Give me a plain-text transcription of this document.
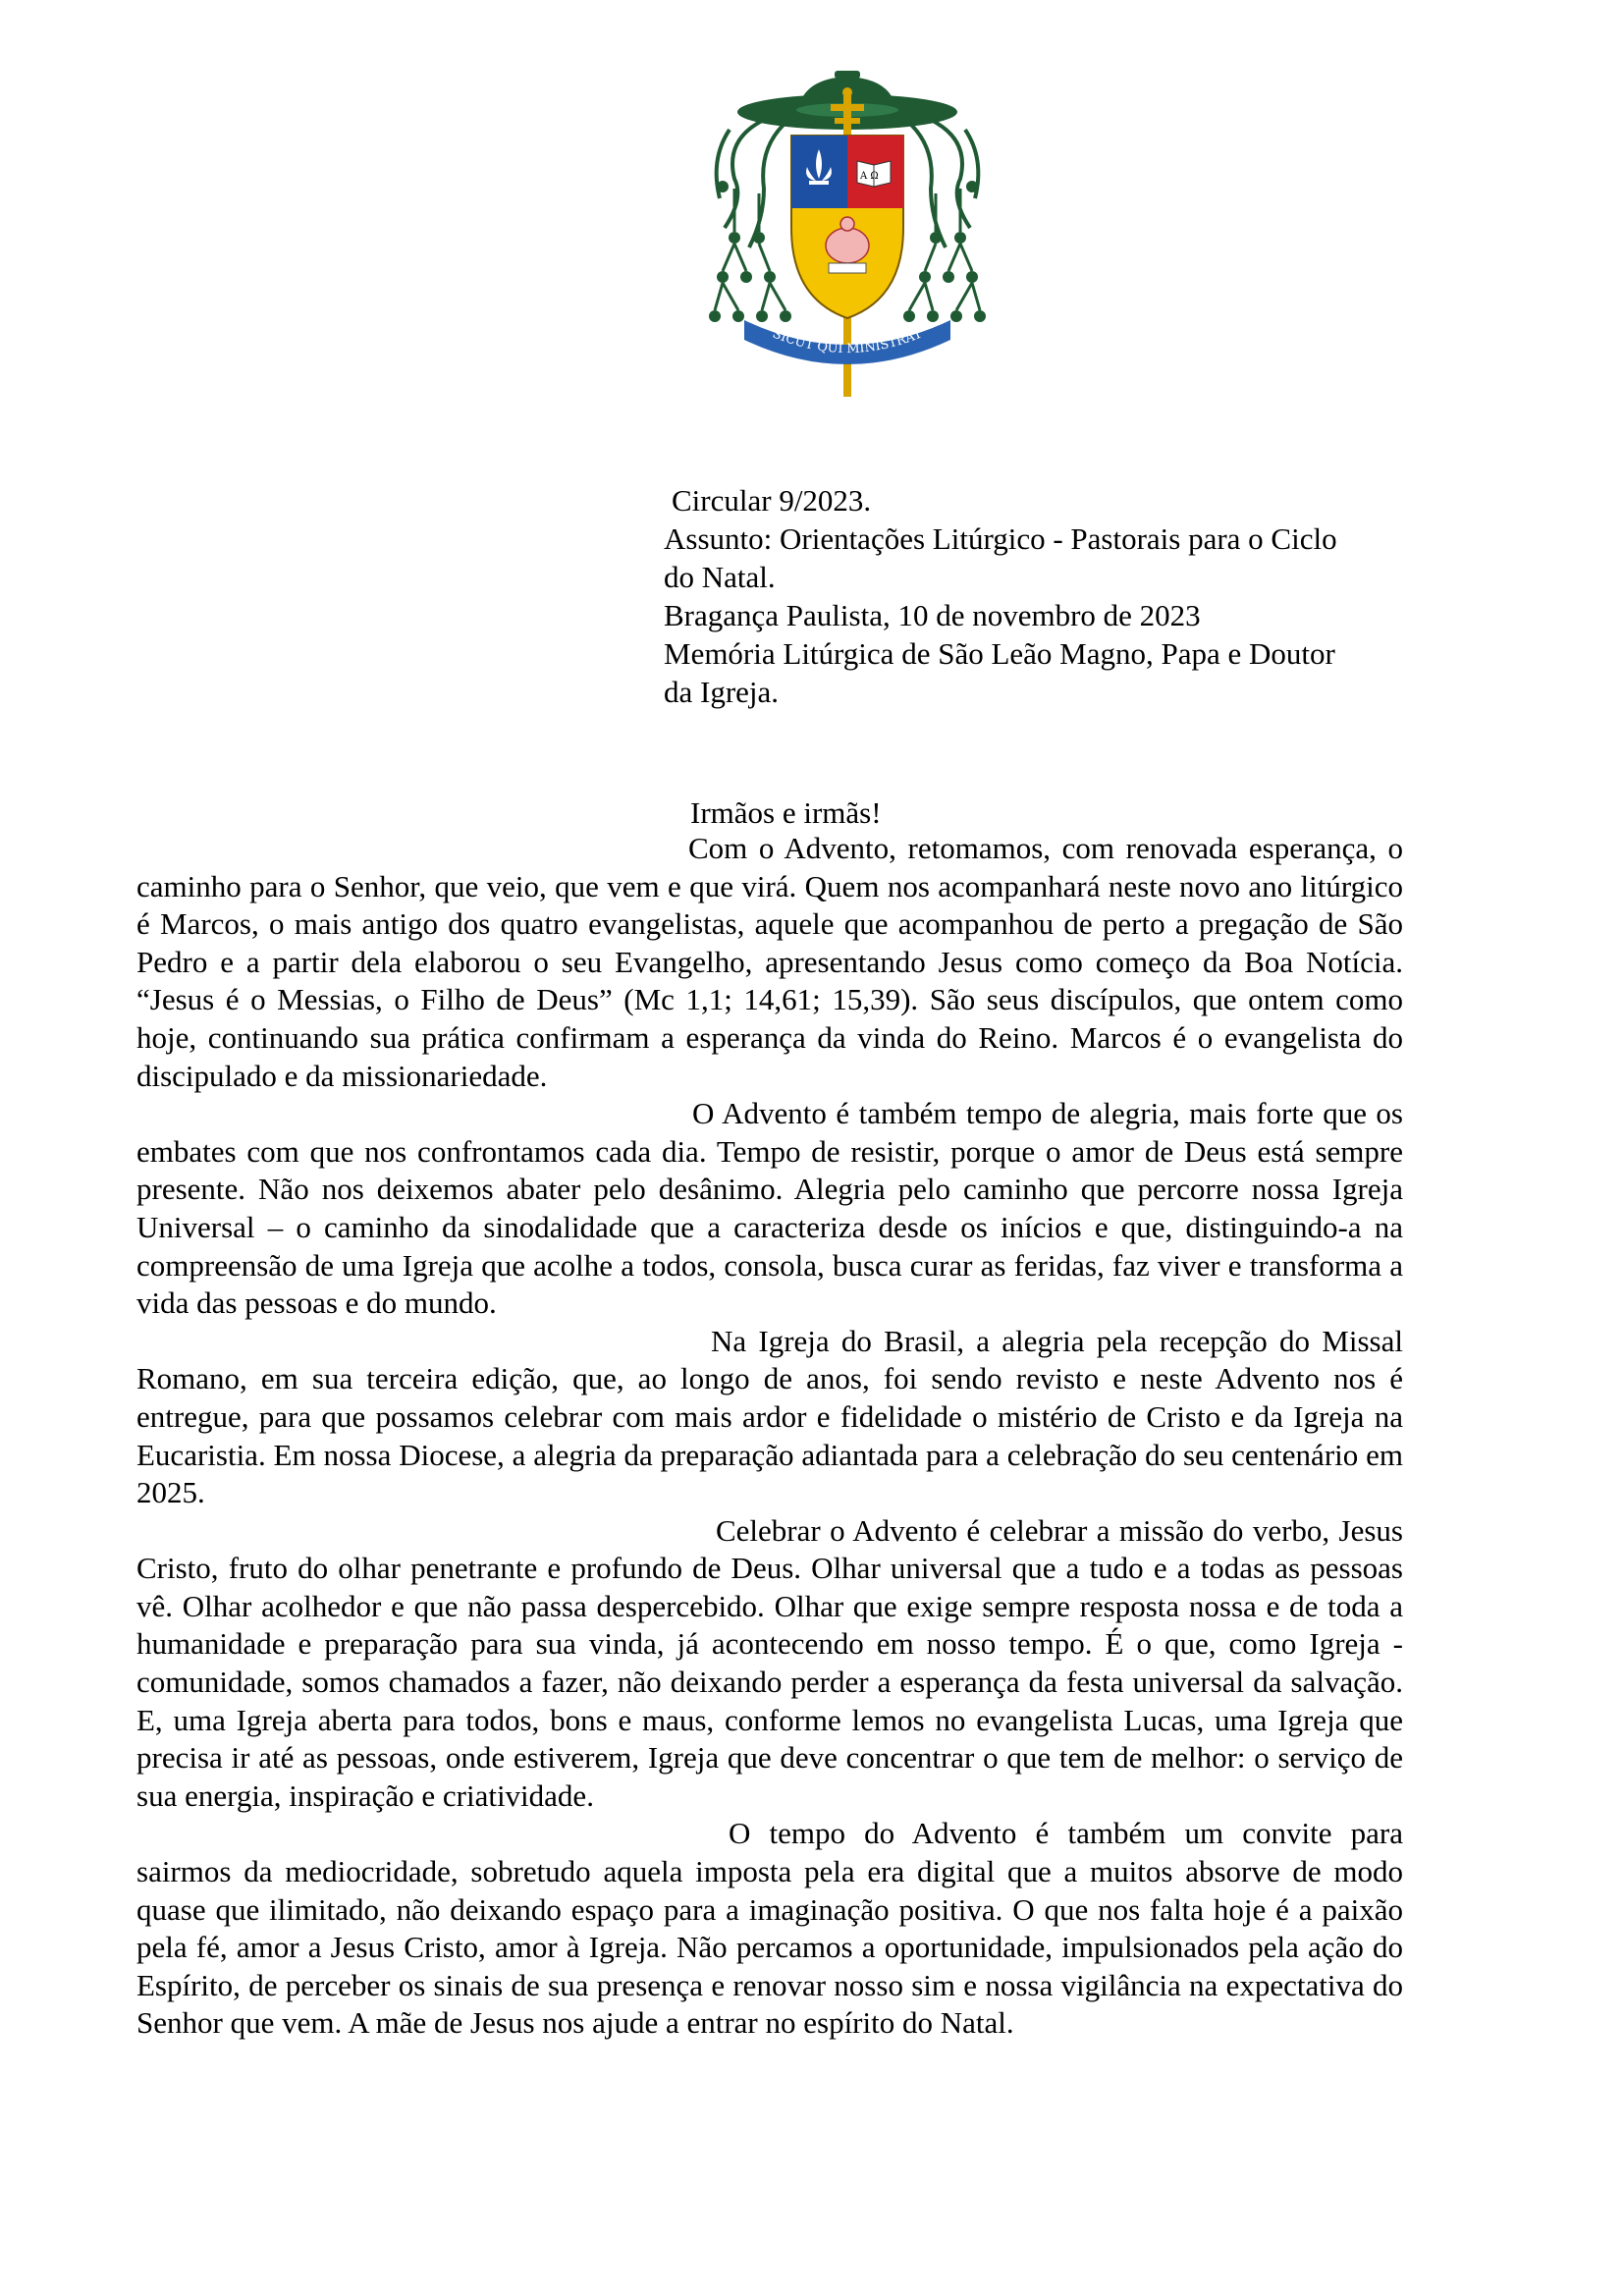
Α Ω
SICUT QUI MINISTRAT
Circular 9/2023.
Assunto: Orientações Litúrgico - Pastorais para o Ciclo
do Natal.
Bragança Paulista, 10 de novembro de 2023
Memória Litúrgica de São Leão Magno, Papa e Doutor
da Igreja.
Irmãos e irmãs!

Com o Advento, retomamos, com renovada esperança, o caminho para o Senhor, que veio, que vem e que virá. Quem nos acompanhará neste novo ano litúrgico é Marcos, o mais antigo dos quatro evangelistas, aquele que acompanhou de perto a pregação de São Pedro e a partir dela elaborou o seu Evangelho, apresentando Jesus como começo da Boa Notícia. “Jesus é o Messias, o Filho de Deus” (Mc 1,1; 14,61; 15,39). São seus discípulos, que ontem como hoje, continuando sua prática confirmam a esperança da vinda do Reino. Marcos é o evangelista do discipulado e da missionariedade.

O Advento é também tempo de alegria, mais forte que os embates com que nos confrontamos cada dia. Tempo de resistir, porque o amor de Deus está sempre presente. Não nos deixemos abater pelo desânimo. Alegria pelo caminho que percorre nossa Igreja Universal – o caminho da sinodalidade que a caracteriza desde os inícios e que, distinguindo-a na compreensão de uma Igreja que acolhe a todos, consola, busca curar as feridas, faz viver e transforma a vida das pessoas e do mundo.

Na Igreja do Brasil, a alegria pela recepção do Missal Romano, em sua terceira edição, que, ao longo de anos, foi sendo revisto e neste Advento nos é entregue, para que possamos celebrar com mais ardor e fidelidade o mistério de Cristo e da Igreja na Eucaristia. Em nossa Diocese, a alegria da preparação adiantada para a celebração do seu centenário em 2025.

Celebrar o Advento é celebrar a missão do verbo, Jesus Cristo, fruto do olhar penetrante e profundo de Deus. Olhar universal que a tudo e a todas as pessoas vê. Olhar acolhedor e que não passa despercebido. Olhar que exige sempre resposta nossa e de toda a humanidade e preparação para sua vinda, já acontecendo em nosso tempo. É o que, como Igreja - comunidade, somos chamados a fazer, não deixando perder a esperança da festa universal da salvação. E, uma Igreja aberta para todos, bons e maus, conforme lemos no evangelista Lucas, uma Igreja que precisa ir até as pessoas, onde estiverem, Igreja que deve concentrar o que tem de melhor: o serviço de sua energia, inspiração e criatividade.

O tempo do Advento é também um convite para sairmos da mediocridade, sobretudo aquela imposta pela era digital que a muitos absorve de modo quase que ilimitado, não deixando espaço para a imaginação positiva. O que nos falta hoje é a paixão pela fé, amor a Jesus Cristo, amor à Igreja. Não percamos a oportunidade, impulsionados pela ação do Espírito, de perceber os sinais de sua presença e renovar nosso sim e nossa vigilância na expectativa do Senhor que vem. A mãe de Jesus nos ajude a entrar no espírito do Natal.
